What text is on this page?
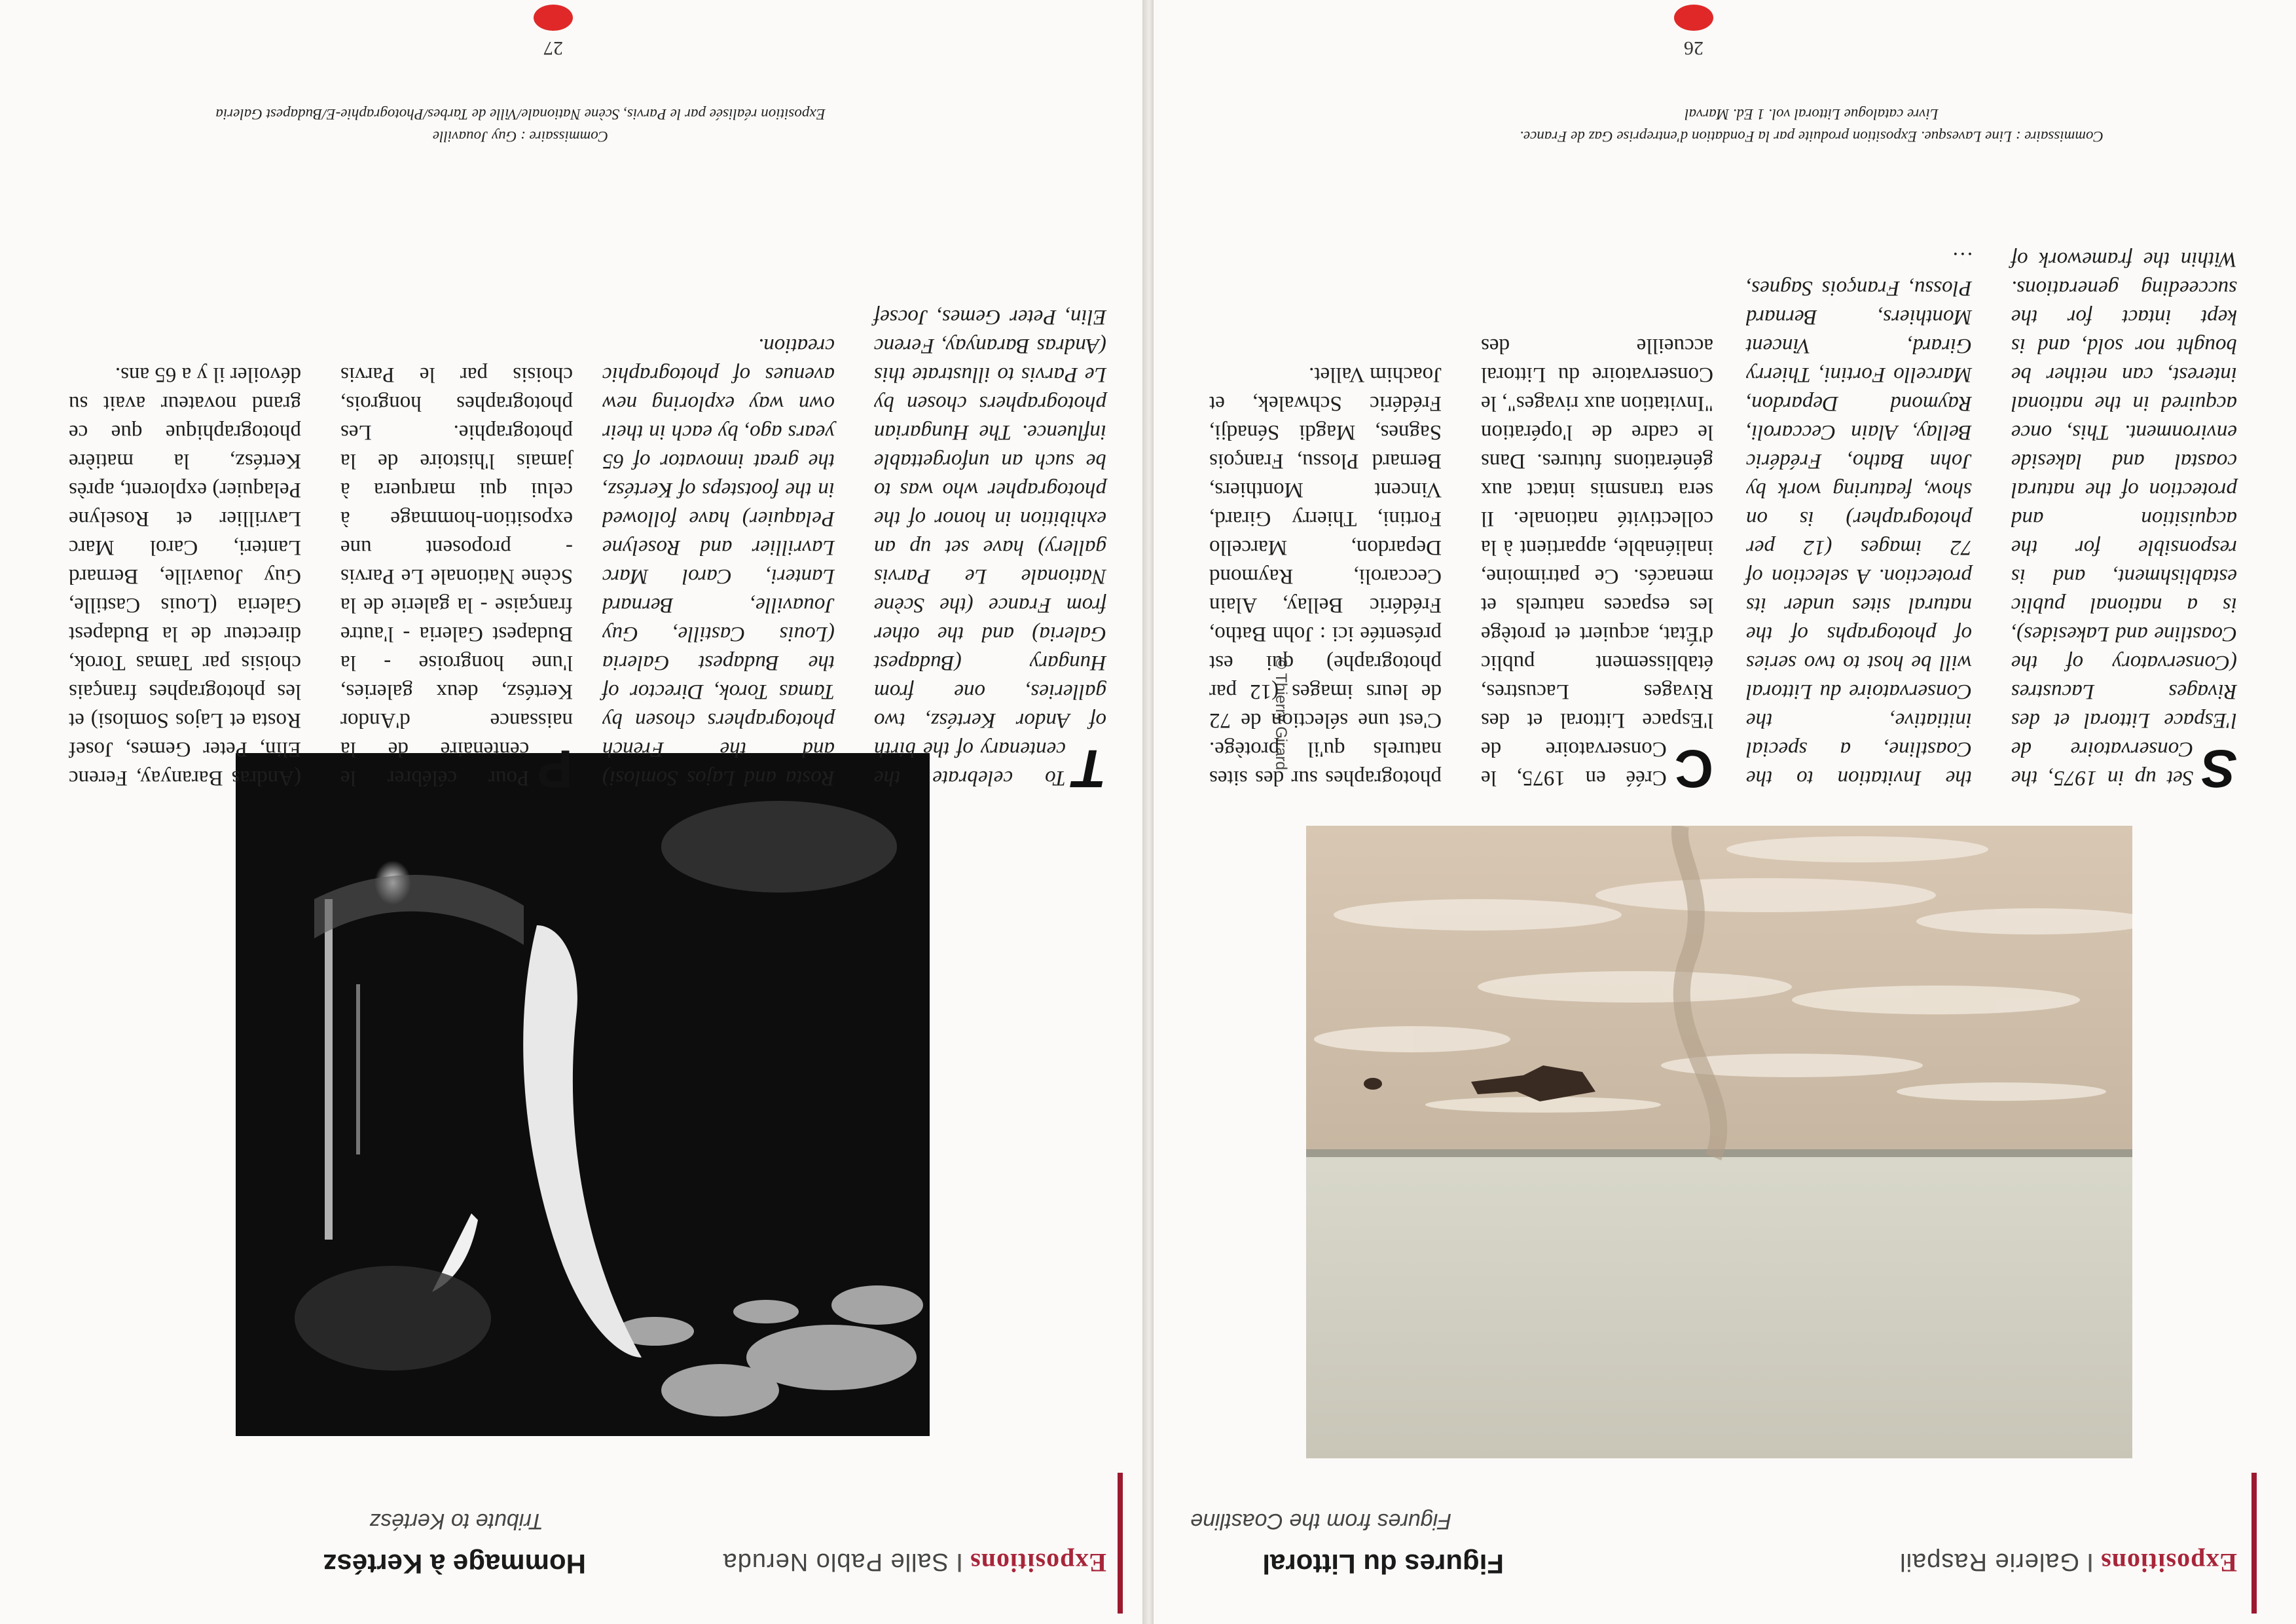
ExpositionsIGalerie Raspail
Figures du Littoral
Figures from the Coastline
© Thierry Girard	S
Set up in 1975, the Conservatoire de l'Espace Littoral et des Rivages Lacustres (Conservatory of the Coastline and Lakesides), is a national public establishment, and is responsible for the acquisition and protection of the natural coastal and lakeside environment. This, once acquired in the national interest, can neither be bought nor sold, and is kept intact for the succeeding generations. Within the framework of the Invitation to the Coastline, a special initiative, the Conservatoire du Littoral will be host to two series of photographs of the natural sites under its protection. A selection of 72 images (12 per photographer) is on show, featuring work by John Batho, Frédéric Bellay, Alain Ceccaroli, Raymond Depardon, Marcello Fortini, Thierry Girard, Vincent Monthiers, Bernard Plossu, François Sagnes, …
C
Créé en 1975, le Conservatoire de l'Espace Littoral et des Rivages Lacustres, établissement public d'État, acquiert et protège les espaces naturels et menacés. Ce patrimoine, inaliénable, appartient à la collectivité nationale. Il sera transmis intact aux générations futures. Dans le cadre de l'opération "Invitation aux rivages", le Conservatoire du Littoral accueille des photographes sur des sites naturels qu'il protège. C'est une sélection de 72 de leurs images (12 par photographe) qui est présentée ici : John Batho, Frédéric Bellay, Alain Ceccaroli, Raymond Depardon, Marcello Fortini, Thierry Girard, Vincent Monthiers, Bernard Plossu, François Sagnes, Magdi Sénadji, Frédéric Schwalek, et Joachim Vallet.
Commissaire : Line Lavesque. Exposition produite par la Fondation d'entreprise Gaz de France.
Livre catalogue Littoral vol. 1 Ed. Marval
26
ExpositionsISalle Pablo Neruda
Hommage à Kertész
Tribute to Kertész
T
To celebrate the centenary of the birth of Andor Kertész, two galleries, one from Hungary (Budapest Galeria) and the other from France (the Scène Nationale Le Parvis gallery) have set up an exhibition in honor of the photographer who was to be such an unforgettable influence. The Hungarian photographers chosen by Le Parvis to illustrate this (Andras Baranyay, Ferenc Elin, Peter Gemes, Jocsef Rosta and Lajos Somlosi) and the French photographers chosen by Tamas Torok, Director of the Budapest Galeria (Louis Castille, Guy Jouaville, Bernard Lanteri, Carol Marc Lavrillier and Roselyne Pelaquier) have followed in the footsteps of Kertész, the great innovator of 65 years ago, by each in their own way exploring new avenues of photographic creation.
P
Pour célébrer le centenaire de la naissance d'Andor Kertész, deux galeries, l'une hongroise - la Budapest Galeria - l'autre française - la galerie de la Scène Nationale Le Parvis - proposent une exposition-hommage à celui qui marquera à jamais l'histoire de la photographie. Les photographes hongrois, choisis par le Parvis (Andras Baranyay, Ferenc Elin, Peter Gemes, Josef Rosta et Lajos Somlosi) et les photographes français choisis par Tamas Torok, directeur de la Budapest Galeria (Louis Castille, Guy Jouaville, Bernard Lanteri, Carol Marc Lavrillier et Roselyne Pelaquier) explorent, après Kertész, la matière photographique que ce grand novateur avait su dévoiler il y a 65 ans.
Commissaire : Guy Jouaville
Exposition réalisée par le Parvis, Scène Nationale/Ville de Tarbes/Photographie-E/Budapest Galeria
27
